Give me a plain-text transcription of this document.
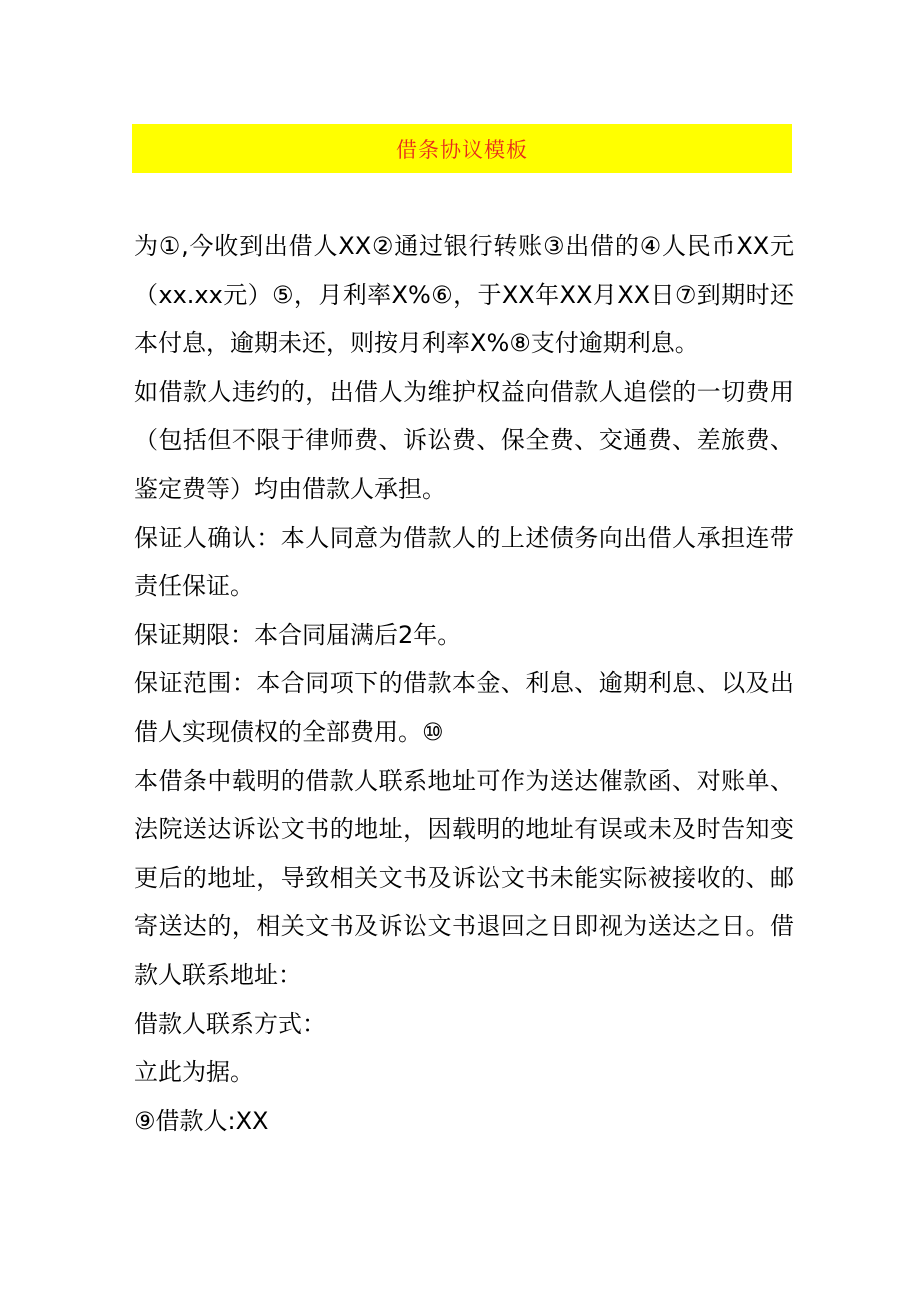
借条协议模板

为①,今收到出借人XX②通过银行转账③出借的④人民币XX元（xx.xx元）⑤，月利率X%⑥，于XX年XX月XX日⑦到期时还本付息，逾期未还，则按月利率X%⑧支付逾期利息。

如借款人违约的，出借人为维护权益向借款人追偿的一切费用（包括但不限于律师费、诉讼费、保全费、交通费、差旅费、鉴定费等）均由借款人承担。

保证人确认：本人同意为借款人的上述债务向出借人承担连带责任保证。

保证期限：本合同届满后2年。

保证范围：本合同项下的借款本金、利息、逾期利息、以及出借人实现债权的全部费用。⑩

本借条中载明的借款人联系地址可作为送达催款函、对账单、法院送达诉讼文书的地址，因载明的地址有误或未及时告知变更后的地址，导致相关文书及诉讼文书未能实际被接收的、邮寄送达的，相关文书及诉讼文书退回之日即视为送达之日。借款人联系地址：

借款人联系方式：

立此为据。

⑨借款人:XX
